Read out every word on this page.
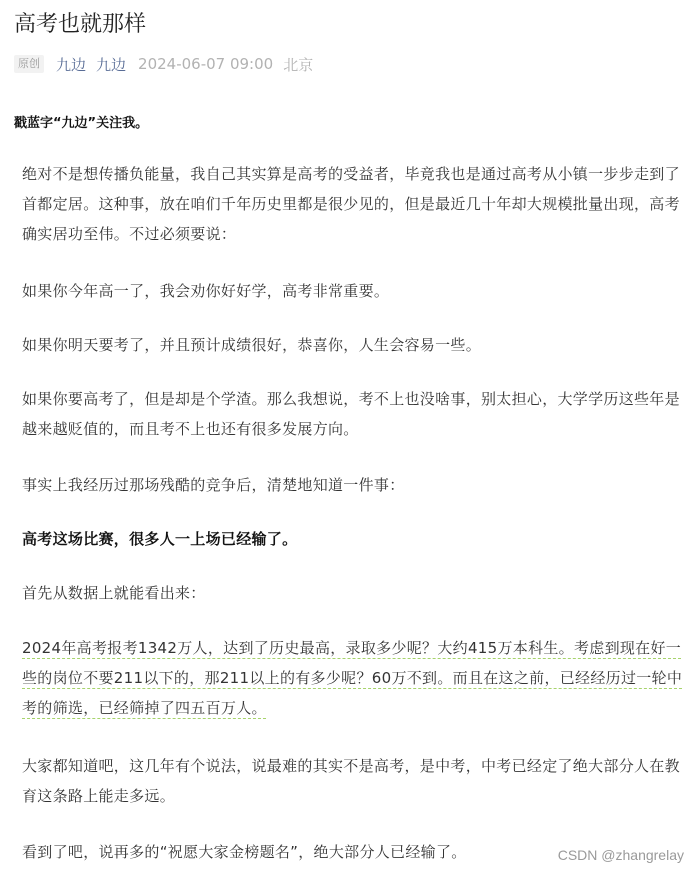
高考也就那样
原创 九边 九边 2024-06-07 09:00 北京
戳蓝字“九边”关注我。

绝对不是想传播负能量，我自己其实算是高考的受益者，毕竟我也是通过高考从小镇一步步走到了首都定居。这种事，放在咱们千年历史里都是很少见的，但是最近几十年却大规模批量出现，高考确实居功至伟。不过必须要说：

如果你今年高一了，我会劝你好好学，高考非常重要。

如果你明天要考了，并且预计成绩很好，恭喜你，人生会容易一些。

如果你要高考了，但是却是个学渣。那么我想说，考不上也没啥事，别太担心，大学学历这些年是越来越贬值的，而且考不上也还有很多发展方向。

事实上我经历过那场残酷的竞争后，清楚地知道一件事：

高考这场比赛，很多人一上场已经输了。

首先从数据上就能看出来：

2024年高考报考1342万人，达到了历史最高，录取多少呢？大约415万本科生。考虑到现在好一些的岗位不要211以下的，那211以上的有多少呢？60万不到。而且在这之前，已经经历过一轮中考的筛选，已经筛掉了四五百万人。

大家都知道吧，这几年有个说法，说最难的其实不是高考，是中考，中考已经定了绝大部分人在教育这条路上能走多远。

看到了吧，说再多的“祝愿大家金榜题名”，绝大部分人已经输了。	CSDN @zhangrelay
